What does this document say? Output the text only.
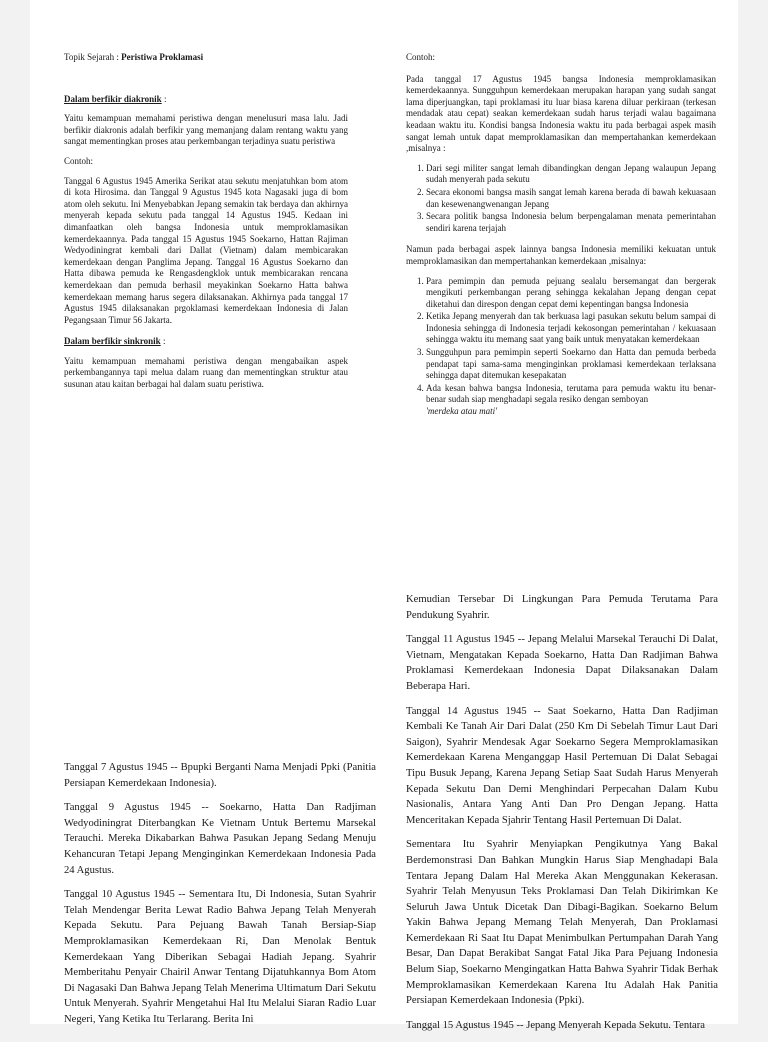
Topik Sejarah : Peristiwa Proklamasi

Dalam berfikir diakronik :

Yaitu kemampuan memahami peristiwa dengan menelusuri masa lalu. Jadi berfikir diakronis adalah berfikir yang memanjang dalam rentang waktu yang sangat mementingkan proses atau perkembangan terjadinya suatu peristiwa

Contoh:

Tanggal 6 Agustus 1945 Amerika Serikat atau sekutu menjatuhkan bom atom di kota Hirosima. dan Tanggal 9 Agustus 1945 kota Nagasaki juga di bom atom oleh sekutu. Ini Menyebabkan Jepang semakin tak berdaya dan akhirnya menyerah kepada sekutu pada tanggal 14 Agustus 1945. Kedaan ini dimanfaatkan oleh bangsa Indonesia untuk memproklamasikan kemerdekaannya. Pada tanggal 15 Agustus 1945 Soekarno, Hattan Rajiman Wedyodiningrat kembali dari Dallat (Vietnam) dalam membicarakan kemerdekaan dengan Panglima Jepang. Tanggal 16 Agustus Soekarno dan Hatta dibawa pemuda ke Rengasdengklok untuk membicarakan rencana kemerdekaan dan pemuda berhasil meyakinkan Soekarno Hatta bahwa kemerdekaan memang harus segera dilaksanakan. Akhirnya pada tanggal 17 Agustus 1945 dilaksanakan prgoklamasi kemerdekaan Indonesia di Jalan Pegangsaan Timur 56 Jakarta.

Dalam berfikir sinkronik :

Yaitu kemampuan memahami peristiwa dengan mengabaikan aspek perkembangannya tapi melua dalam ruang dan mementingkan struktur atau susunan atau kaitan berbagai hal dalam suatu peristiwa.

Contoh:

Pada tanggal 17 Agustus 1945 bangsa Indonesia memproklamasikan kemerdekaannya. Sungguhpun kemerdekaan merupakan harapan yang sudah sangat lama diperjuangkan, tapi proklamasi itu luar biasa karena diluar perkiraan (terkesan mendadak atau cepat) seakan kemerdekaan sudah harus terjadi walau bagaimana keadaan waktu itu. Kondisi bangsa Indonesia waktu itu pada berbagai aspek masih sangat lemah untuk dapat memproklamasikan dan mempertahankan kemerdekaan ,misalnya :

1. Dari segi militer sangat lemah dibandingkan dengan Jepang walaupun Jepang sudah menyerah pada sekutu
2. Secara ekonomi bangsa masih sangat lemah karena berada di bawah kekuasaan dan kesewenangwenangan Jepang
3. Secara politik bangsa Indonesia belum berpengalaman menata pemerintahan sendiri karena terjajah

Namun pada berbagai aspek lainnya bangsa Indonesia memiliki kekuatan untuk memproklamasikan dan mempertahankan kemerdekaan ,misalnya:

1. Para pemimpin dan pemuda pejuang sealalu bersemangat dan bergerak mengikuti perkembangan perang sehingga kekalahan Jepang dengan cepat diketahui dan direspon dengan cepat demi kepentingan bangsa Indonesia
2. Ketika Jepang menyerah dan tak berkuasa lagi pasukan sekutu belum sampai di Indonesia sehingga di Indonesia terjadi kekosongan pemerintahan / kekuasaan sehingga waktu itu memang saat yang baik untuk menyatakan kemerdekaan
3. Sungguhpun para pemimpin seperti Soekarno dan Hatta dan pemuda berbeda pendapat tapi sama-sama menginginkan proklamasi kemerdekaan terlaksana sehingga dapat ditemukan kesepakatan
4. Ada kesan bahwa bangsa Indonesia, terutama para pemuda waktu itu benar-benar sudah siap menghadapi segala resiko dengan semboyan
'merdeka atau mati'

Tanggal 7 Agustus 1945 -- Bpupki Berganti Nama Menjadi Ppki (Panitia Persiapan Kemerdekaan Indonesia).

Tanggal 9 Agustus 1945 -- Soekarno, Hatta Dan Radjiman Wedyodiningrat Diterbangkan Ke Vietnam Untuk Bertemu Marsekal Terauchi. Mereka Dikabarkan Bahwa Pasukan Jepang Sedang Menuju Kehancuran Tetapi Jepang Menginginkan Kemerdekaan Indonesia Pada 24 Agustus.

Tanggal 10 Agustus 1945 -- Sementara Itu, Di Indonesia, Sutan Syahrir Telah Mendengar Berita Lewat Radio Bahwa Jepang Telah Menyerah Kepada Sekutu. Para Pejuang Bawah Tanah Bersiap-Siap Memproklamasikan Kemerdekaan Ri, Dan Menolak Bentuk Kemerdekaan Yang Diberikan Sebagai Hadiah Jepang. Syahrir Memberitahu Penyair Chairil Anwar Tentang Dijatuhkannya Bom Atom Di Nagasaki Dan Bahwa Jepang Telah Menerima Ultimatum Dari Sekutu Untuk Menyerah. Syahrir Mengetahui Hal Itu Melalui Siaran Radio Luar Negeri, Yang Ketika Itu Terlarang. Berita Ini

Kemudian Tersebar Di Lingkungan Para Pemuda Terutama Para Pendukung Syahrir.

Tanggal 11 Agustus 1945 -- Jepang Melalui Marsekal Terauchi Di Dalat, Vietnam, Mengatakan Kepada Soekarno, Hatta Dan Radjiman Bahwa Proklamasi Kemerdekaan Indonesia Dapat Dilaksanakan Dalam Beberapa Hari.

Tanggal 14 Agustus 1945 -- Saat Soekarno, Hatta Dan Radjiman Kembali Ke Tanah Air Dari Dalat (250 Km Di Sebelah Timur Laut Dari Saigon), Syahrir Mendesak Agar Soekarno Segera Memproklamasikan Kemerdekaan Karena Menganggap Hasil Pertemuan Di Dalat Sebagai Tipu Busuk Jepang, Karena Jepang Setiap Saat Sudah Harus Menyerah Kepada Sekutu Dan Demi Menghindari Perpecahan Dalam Kubu Nasionalis, Antara Yang Anti Dan Pro Dengan Jepang. Hatta Menceritakan Kepada Sjahrir Tentang Hasil Pertemuan Di Dalat.

Sementara Itu Syahrir Menyiapkan Pengikutnya Yang Bakal Berdemonstrasi Dan Bahkan Mungkin Harus Siap Menghadapi Bala Tentara Jepang Dalam Hal Mereka Akan Menggunakan Kekerasan. Syahrir Telah Menyusun Teks Proklamasi Dan Telah Dikirimkan Ke Seluruh Jawa Untuk Dicetak Dan Dibagi-Bagikan. Soekarno Belum Yakin Bahwa Jepang Memang Telah Menyerah, Dan Proklamasi Kemerdekaan Ri Saat Itu Dapat Menimbulkan Pertumpahan Darah Yang Besar, Dan Dapat Berakibat Sangat Fatal Jika Para Pejuang Indonesia Belum Siap, Soekarno Mengingatkan Hatta Bahwa Syahrir Tidak Berhak Memproklamasikan Kemerdekaan Karena Itu Adalah Hak Panitia Persiapan Kemerdekaan Indonesia (Ppki).

Tanggal 15 Agustus 1945 -- Jepang Menyerah Kepada Sekutu. Tentara
